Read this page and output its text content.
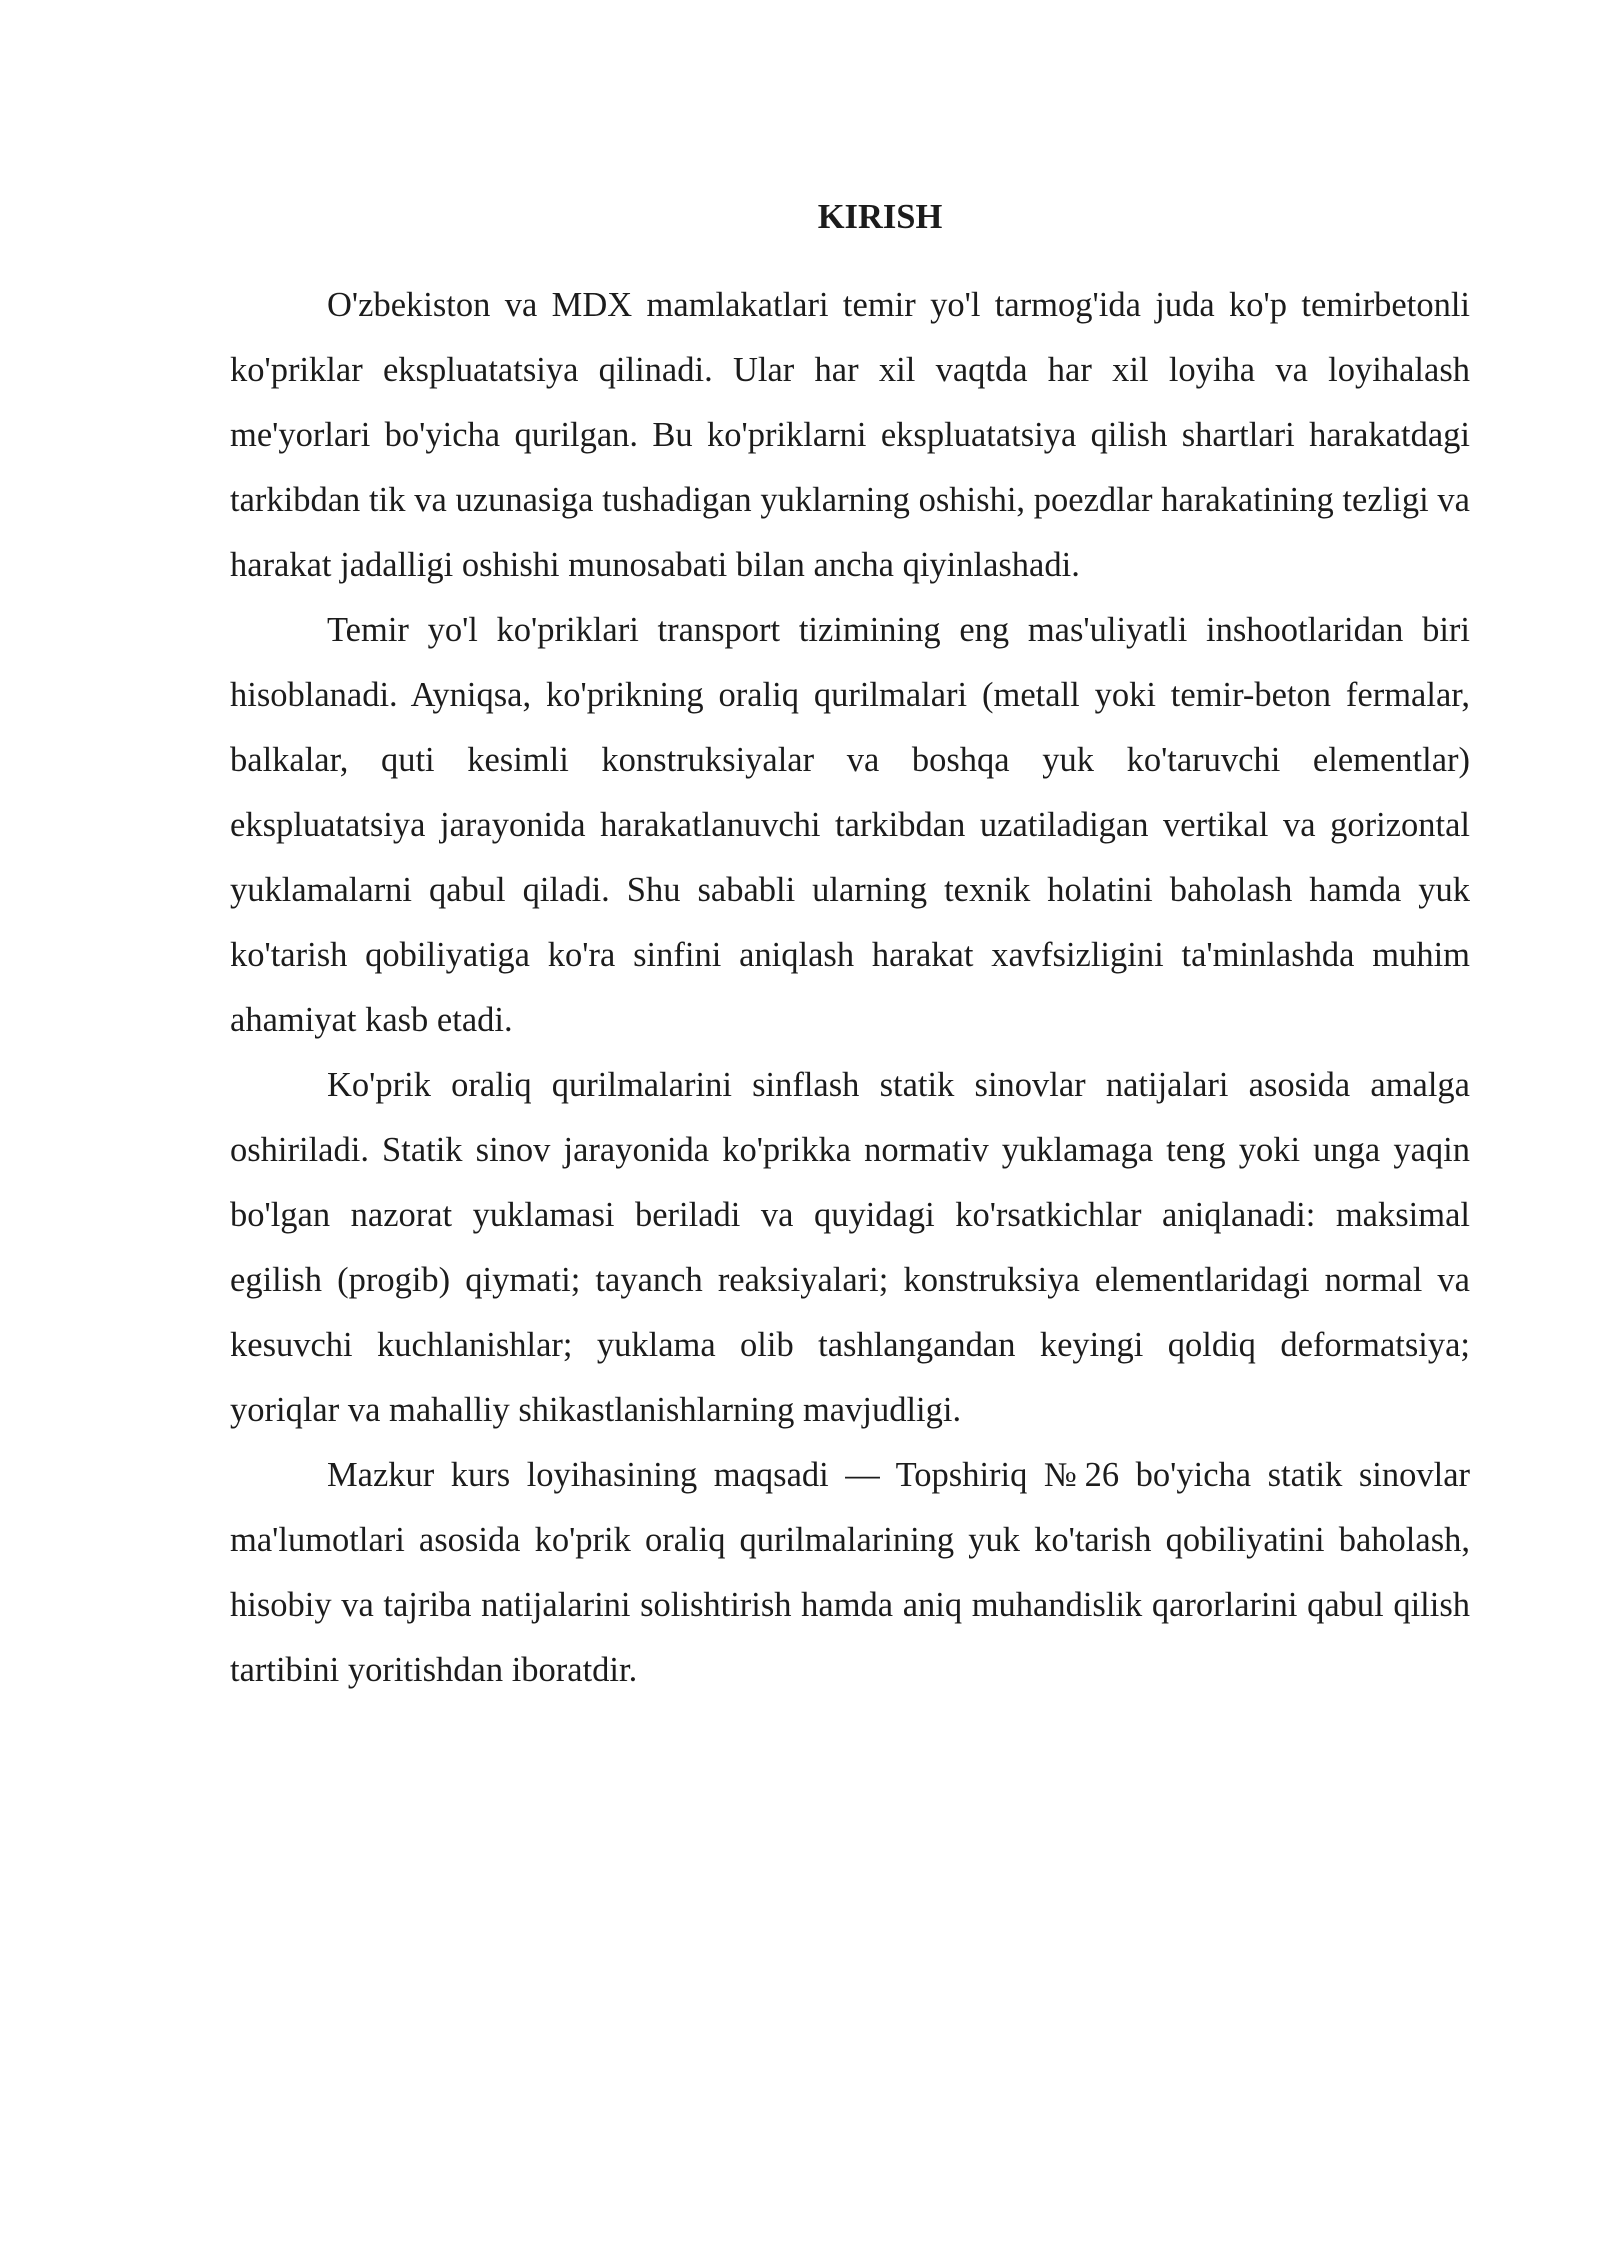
KIRISH

O'zbekiston va MDX mamlakatlari temir yo'l tarmog'ida juda ko'p temirbetonli ko'priklar ekspluatatsiya qilinadi. Ular har xil vaqtda har xil loyiha va loyihalash me'yorlari bo'yicha qurilgan. Bu ko'priklarni ekspluatatsiya qilish shartlari harakatdagi tarkibdan tik va uzunasiga tushadigan yuklarning oshishi, poezdlar harakatining tezligi va harakat jadalligi oshishi munosabati bilan ancha qiyinlashadi.

Temir yo'l ko'priklari transport tizimining eng mas'uliyatli inshootlaridan biri hisoblanadi. Ayniqsa, ko'prikning oraliq qurilmalari (metall yoki temir-beton fermalar, balkalar, quti kesimli konstruksiyalar va boshqa yuk ko'taruvchi elementlar) ekspluatatsiya jarayonida harakatlanuvchi tarkibdan uzatiladigan vertikal va gorizontal yuklamalarni qabul qiladi. Shu sababli ularning texnik holatini baholash hamda yuk ko'tarish qobiliyatiga ko'ra sinfini aniqlash harakat xavfsizligini ta'minlashda muhim ahamiyat kasb etadi.

Ko'prik oraliq qurilmalarini sinflash statik sinovlar natijalari asosida amalga oshiriladi. Statik sinov jarayonida ko'prikka normativ yuklamaga teng yoki unga yaqin bo'lgan nazorat yuklamasi beriladi va quyidagi ko'rsatkichlar aniqlanadi: maksimal egilish (progib) qiymati; tayanch reaksiyalari; konstruksiya elementlaridagi normal va kesuvchi kuchlanishlar; yuklama olib tashlangandan keyingi qoldiq deformatsiya; yoriqlar va mahalliy shikastlanishlarning mavjudligi.

Mazkur kurs loyihasining maqsadi — Topshiriq №26 bo'yicha statik sinovlar ma'lumotlari asosida ko'prik oraliq qurilmalarining yuk ko'tarish qobiliyatini baholash, hisobiy va tajriba natijalarini solishtirish hamda aniq muhandislik qarorlarini qabul qilish tartibini yoritishdan iboratdir.
